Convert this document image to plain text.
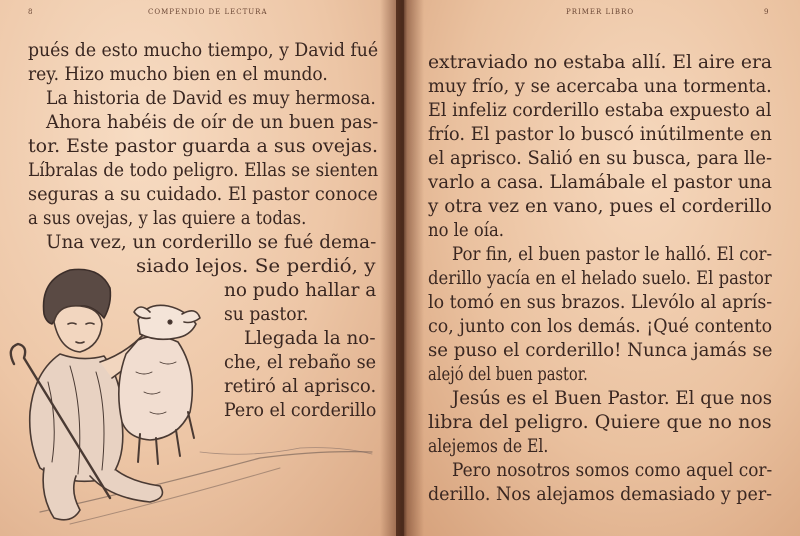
8	COMPENDIO DE LECTURA
pués de esto mucho tiempo, y David fué
rey. Hizo mucho bien en el mundo.
La historia de David es muy hermosa.
Ahora habéis de oír de un buen pas-
tor. Este pastor guarda a sus ovejas.
Líbralas de todo peligro. Ellas se sienten
seguras a su cuidado. El pastor conoce
a sus ovejas, y las quiere a todas.
Una vez, un corderillo se fué dema-
siado lejos. Se perdió, y
no pudo hallar a
su pastor.
Llegada la no-
che, el rebaño se
retiró al aprisco.
Pero el corderillo
PRIMER LIBRO	9
extraviado no estaba allí. El aire era
muy frío, y se acercaba una tormenta.
El infeliz corderillo estaba expuesto al
frío. El pastor lo buscó inútilmente en
el aprisco. Salió en su busca, para lle-
varlo a casa. Llamábale el pastor una
y otra vez en vano, pues el corderillo
no le oía.
Por fin, el buen pastor le halló. El cor-
derillo yacía en el helado suelo. El pastor
lo tomó en sus brazos. Llevólo al aprís-
co, junto con los demás. ¡Qué contento
se puso el corderillo! Nunca jamás se
alejó del buen pastor.
Jesús es el Buen Pastor. El que nos
libra del peligro. Quiere que no nos
alejemos de El.
Pero nosotros somos como aquel cor-
derillo. Nos alejamos demasiado y per-
